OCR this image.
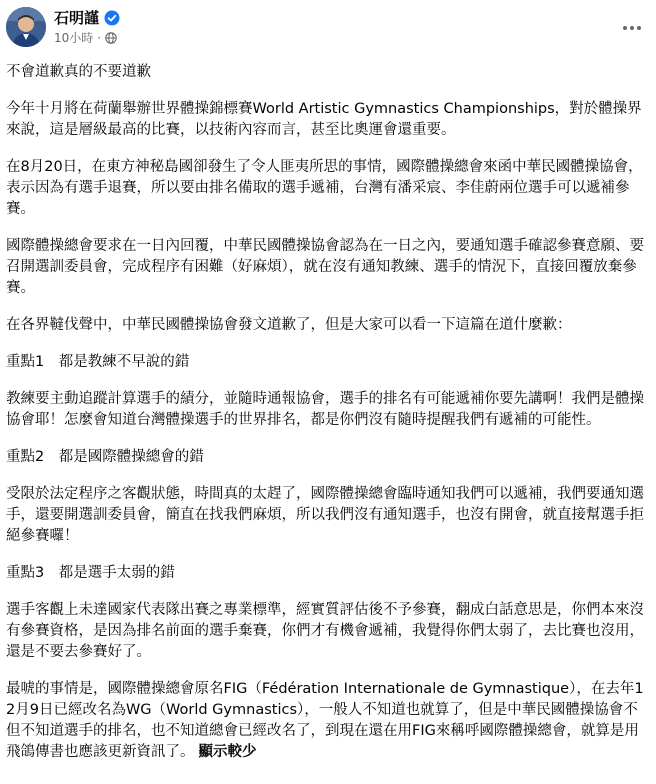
石明謹
10小時 ·

不會道歉真的不要道歉

今年十月將在荷蘭舉辦世界體操錦標賽World Artistic Gymnastics Championships，對於體操界來說，這是層級最高的比賽，以技術內容而言，甚至比奧運會還重要。

在8月20日，在東方神秘島國卻發生了令人匪夷所思的事情，國際體操總會來函中華民國體操協會，表示因為有選手退賽，所以要由排名備取的選手遞補，台灣有潘采宸、李佳蔚兩位選手可以遞補參賽。

國際體操總會要求在一日內回覆，中華民國體操協會認為在一日之內，要通知選手確認參賽意願、要召開選訓委員會，完成程序有困難（好麻煩），就在沒有通知教練、選手的情況下，直接回覆放棄參賽。

在各界韃伐聲中，中華民國體操協會發文道歉了，但是大家可以看一下這篇在道什麼歉：

重點1　都是教練不早說的錯

教練要主動追蹤計算選手的績分，並隨時通報協會，選手的排名有可能遞補你要先講啊！我們是體操協會耶！怎麼會知道台灣體操選手的世界排名，都是你們沒有隨時提醒我們有遞補的可能性。

重點2　都是國際體操總會的錯

受限於法定程序之客觀狀態，時間真的太趕了，國際體操總會臨時通知我們可以遞補，我們要通知選手，還要開選訓委員會，簡直在找我們麻煩，所以我們沒有通知選手，也沒有開會，就直接幫選手拒絕參賽囉！

重點3　都是選手太弱的錯

選手客觀上未達國家代表隊出賽之專業標準，經實質評估後不予參賽，翻成白話意思是，你們本來沒有參賽資格，是因為排名前面的選手棄賽，你們才有機會遞補，我覺得你們太弱了，去比賽也沒用，還是不要去參賽好了。

最唬的事情是，國際體操總會原名FIG（Fédération Internationale de Gymnastique），在去年12月9日已經改名為WG（World Gymnastics），一般人不知道也就算了，但是中華民國體操協會不但不知道選手的排名，也不知道總會已經改名了，到現在還在用FIG來稱呼國際體操總會，就算是用飛鴿傳書也應該更新資訊了。 顯示較少
